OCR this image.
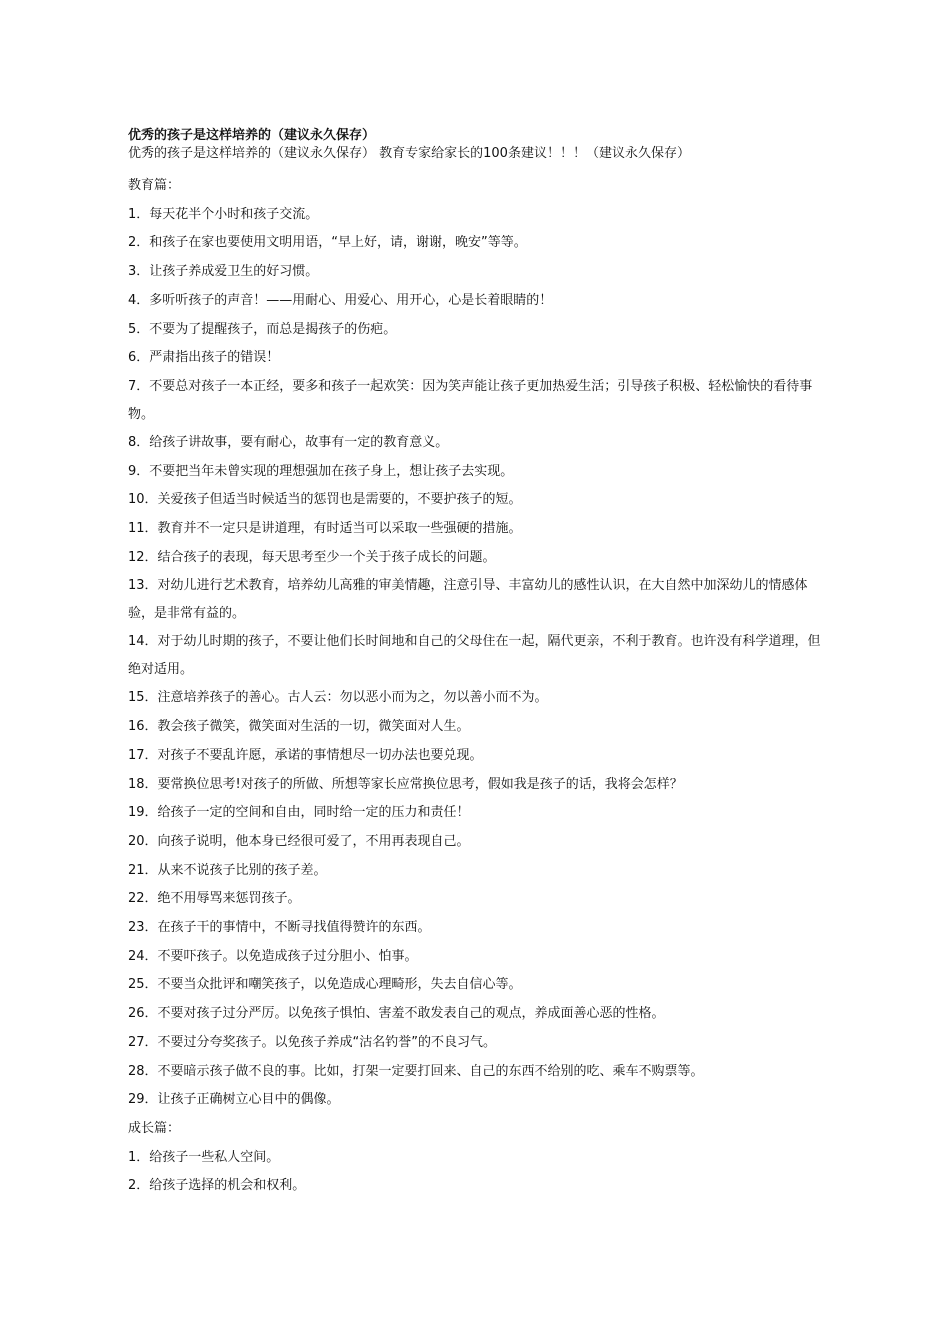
优秀的孩子是这样培养的（建议永久保存）

优秀的孩子是这样培养的（建议永久保存） 教育专家给家长的100条建议！！！（建议永久保存）

教育篇：

1．每天花半个小时和孩子交流。

2．和孩子在家也要使用文明用语，“早上好，请，谢谢，晚安”等等。

3．让孩子养成爱卫生的好习惯。

4．多听听孩子的声音！——用耐心、用爱心、用开心，心是长着眼睛的！

5．不要为了提醒孩子，而总是揭孩子的伤疤。

6．严肃指出孩子的错误！

7．不要总对孩子一本正经，要多和孩子一起欢笑：因为笑声能让孩子更加热爱生活；引导孩子积极、轻松愉快的看待事物。

8．给孩子讲故事，要有耐心，故事有一定的教育意义。

9．不要把当年未曾实现的理想强加在孩子身上，想让孩子去实现。

10．关爱孩子但适当时候适当的惩罚也是需要的，不要护孩子的短。

11．教育并不一定只是讲道理，有时适当可以采取一些强硬的措施。

12．结合孩子的表现，每天思考至少一个关于孩子成长的问题。

13．对幼儿进行艺术教育，培养幼儿高雅的审美情趣，注意引导、丰富幼儿的感性认识，在大自然中加深幼儿的情感体验，是非常有益的。

14．对于幼儿时期的孩子，不要让他们长时间地和自己的父母住在一起，隔代更亲，不利于教育。也许没有科学道理，但绝对适用。

15．注意培养孩子的善心。古人云：勿以恶小而为之，勿以善小而不为。

16．教会孩子微笑，微笑面对生活的一切，微笑面对人生。

17．对孩子不要乱许愿，承诺的事情想尽一切办法也要兑现。

18．要常换位思考!对孩子的所做、所想等家长应常换位思考，假如我是孩子的话，我将会怎样？

19．给孩子一定的空间和自由，同时给一定的压力和责任！

20．向孩子说明，他本身已经很可爱了，不用再表现自己。

21．从来不说孩子比别的孩子差。

22．绝不用辱骂来惩罚孩子。

23．在孩子干的事情中，不断寻找值得赞许的东西。

24．不要吓孩子。以免造成孩子过分胆小、怕事。

25．不要当众批评和嘲笑孩子，以免造成心理畸形，失去自信心等。

26．不要对孩子过分严厉。以免孩子惧怕、害羞不敢发表自己的观点，养成面善心恶的性格。

27．不要过分夸奖孩子。以免孩子养成“沽名钓誉”的不良习气。

28．不要暗示孩子做不良的事。比如，打架一定要打回来、自己的东西不给别的吃、乘车不购票等。

29．让孩子正确树立心目中的偶像。

成长篇：

1．给孩子一些私人空间。

2．给孩子选择的机会和权利。
